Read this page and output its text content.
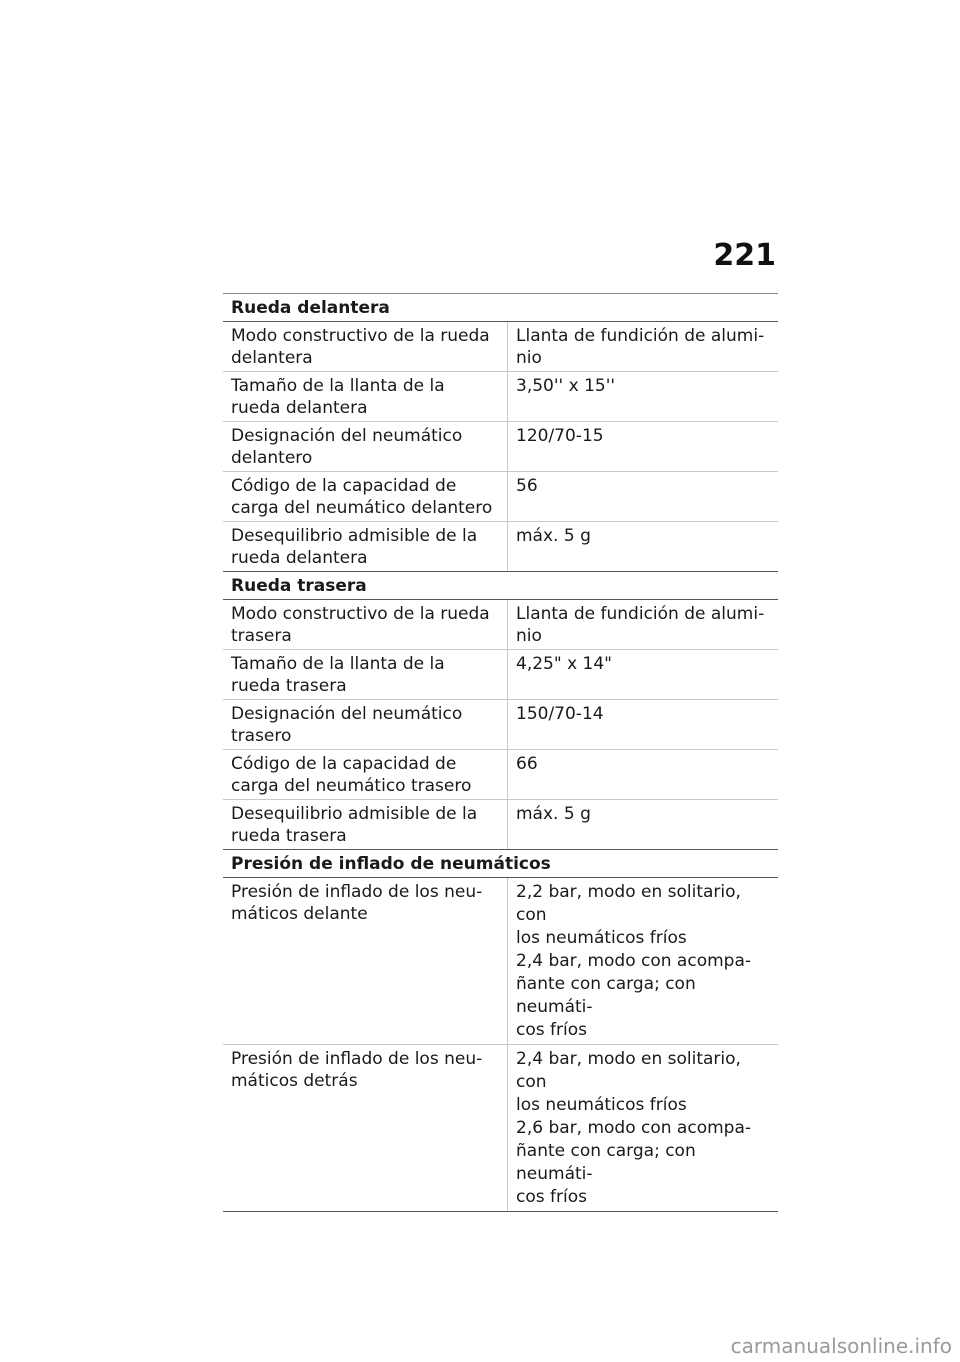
221
Rueda delantera
Modo constructivo de la rueda
delantera
Llanta de fundición de alumi-
nio
Tamaño de la llanta de la
rueda delantera
3,50'' x 15''
Designación del neumático
delantero
120/70-15
Código de la capacidad de
carga del neumático delantero
56
Desequilibrio admisible de la
rueda delantera
máx. 5 g
Rueda trasera
Modo constructivo de la rueda
trasera
Llanta de fundición de alumi-
nio
Tamaño de la llanta de la
rueda trasera
4,25" x 14"
Designación del neumático
trasero
150/70-14
Código de la capacidad de
carga del neumático trasero
66
Desequilibrio admisible de la
rueda trasera
máx. 5 g
Presión de inflado de neumáticos
Presión de inflado de los neu-
máticos delante
2,2 bar, modo en solitario, con
los neumáticos fríos
2,4 bar, modo con acompa-
ñante con carga; con neumáti-
cos fríos
Presión de inflado de los neu-
máticos detrás
2,4 bar, modo en solitario, con
los neumáticos fríos
2,6 bar, modo con acompa-
ñante con carga; con neumáti-
cos fríos
carmanualsonline.info
